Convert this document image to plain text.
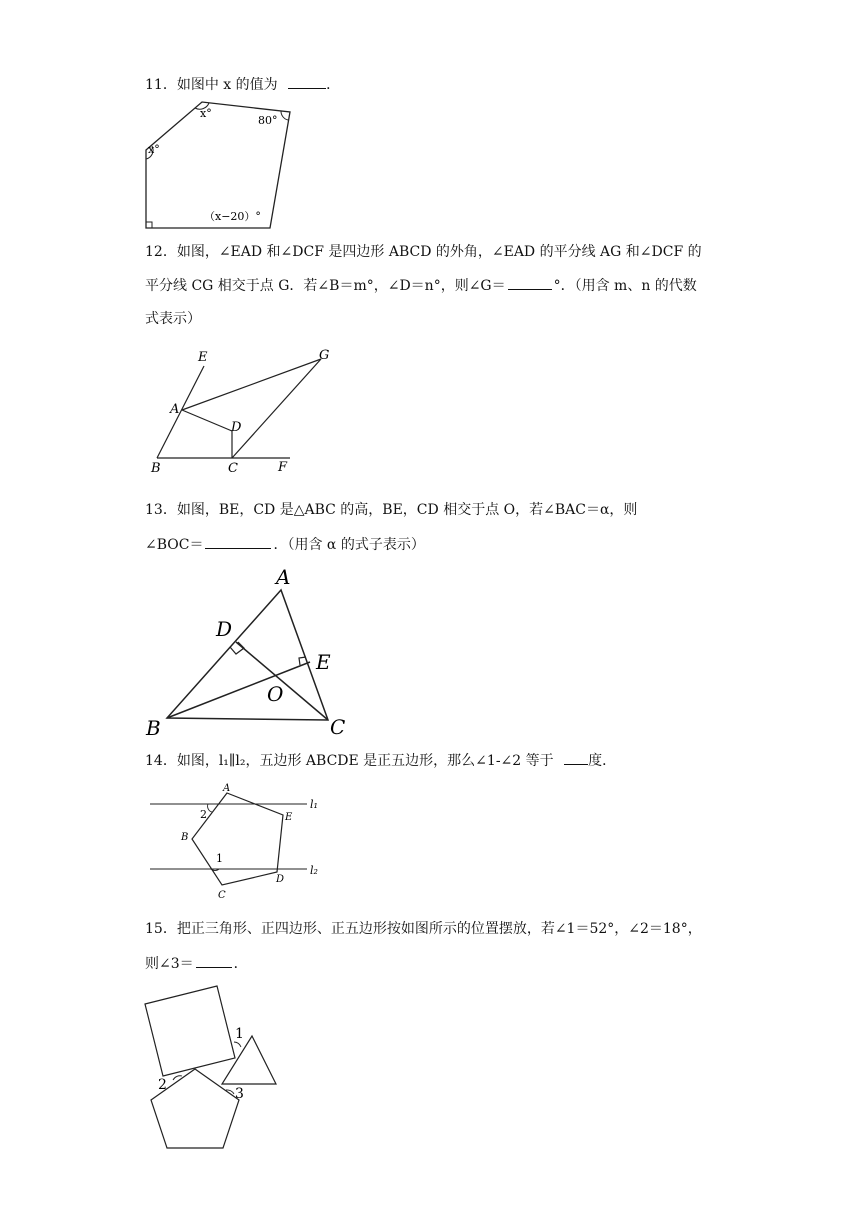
11．如图中 x 的值为	．
x°
x°
80°
（x−20）°
12．如图，∠EAD 和∠DCF 是四边形 ABCD 的外角，∠EAD 的平分线 AG 和∠DCF 的
平分线 CG 相交于点 G．若∠B＝m°，∠D＝n°，则∠G＝	°．（用含 m、n 的代数
式表示）
E	G
A
D
B	C	F
13．如图，BE，CD 是△ABC 的高，BE，CD 相交于点 O，若∠BAC＝α，则
∠BOC＝	．（用含 α 的式子表示）
A
D
E
O
B	C
14．如图，l₁∥l₂，五边形 ABCDE 是正五边形，那么∠1-∠2 等于 度．
A
2	E
B
1
D
C
l₁
l₂
15．把正三角形、正四边形、正五边形按如图所示的位置摆放，若∠1＝52°，∠2＝18°，
则∠3＝	．
1
2
3
